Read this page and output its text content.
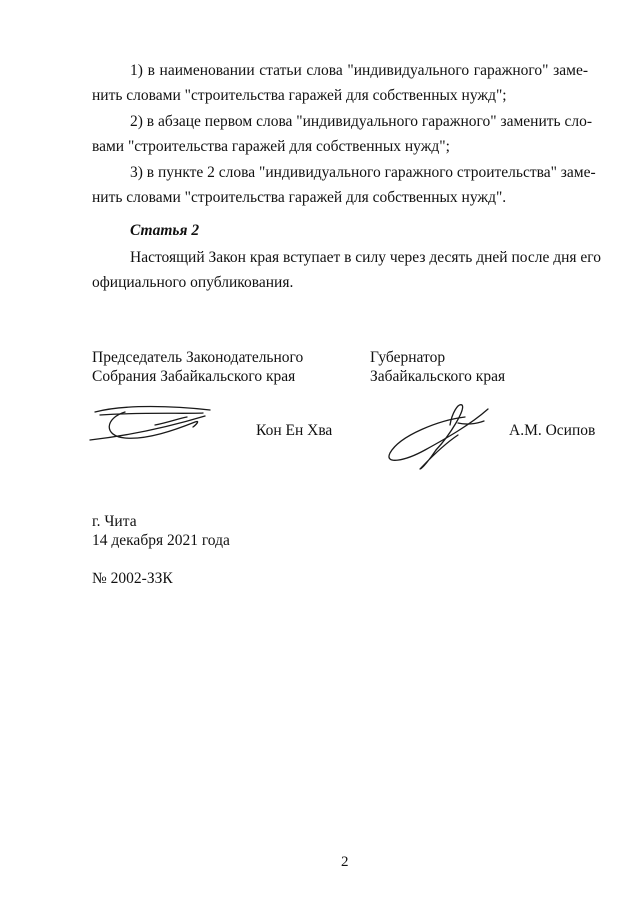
1) в наименовании статьи слова "индивидуального гаражного" заме-
нить словами "строительства гаражей для собственных нужд";
2) в абзаце первом слова "индивидуального гаражного" заменить сло-
вами "строительства гаражей для собственных нужд";
3) в пункте 2 слова "индивидуального гаражного строительства" заме-
нить словами "строительства гаражей для собственных нужд".
Статья 2
Настоящий Закон края вступает в силу через десять дней после дня его
официального опубликования.
Председатель Законодательного
Собрания Забайкальского края
Кон Ен Хва
Губернатор
Забайкальского края
А.М. Осипов
г. Чита
14 декабря 2021 года
№ 2002-ЗЗК
2
